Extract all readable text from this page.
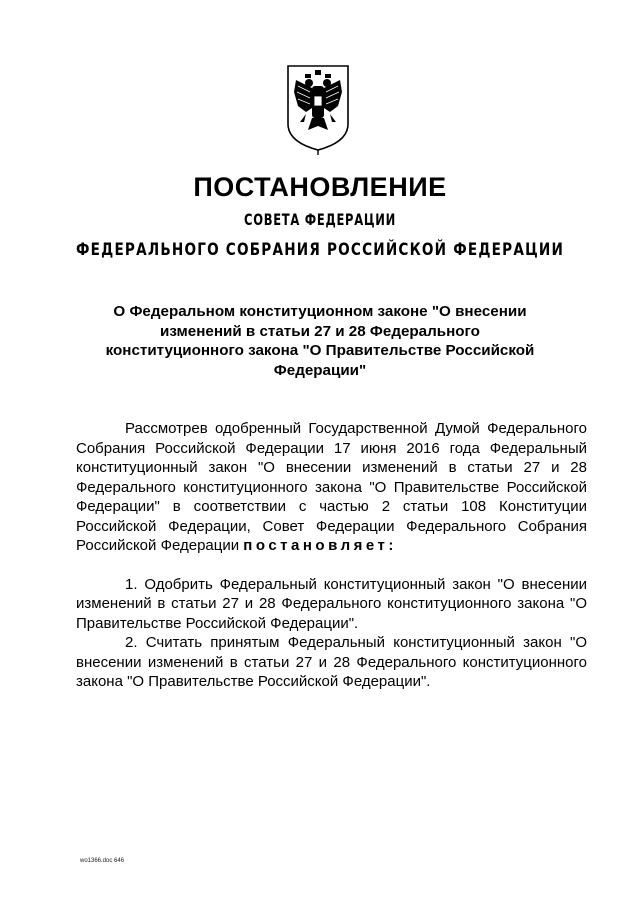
ПОСТАНОВЛЕНИЕ
СОВЕТА ФЕДЕРАЦИИ
ФЕДЕРАЛЬНОГО СОБРАНИЯ РОССИЙСКОЙ ФЕДЕРАЦИИ
О Федеральном конституционном законе "О внесении изменений в статьи 27 и 28 Федерального конституционного закона "О Правительстве Российской Федерации"

Рассмотрев одобренный Государственной Думой Федерального Собрания Российской Федерации 17 июня 2016 года Федеральный конституционный закон "О внесении изменений в статьи 27 и 28 Федерального конституционного закона "О Правительстве Российской Федерации" в соответствии с частью 2 статьи 108 Конституции Российской Федерации, Совет Федерации Федерального Собрания Российской Федерации постановляет:

1. Одобрить Федеральный конституционный закон "О внесении изменений в статьи 27 и 28 Федерального конституционного закона "О Правительстве Российской Федерации".

2. Считать принятым Федеральный конституционный закон "О внесении изменений в статьи 27 и 28 Федерального конституционного закона "О Правительстве Российской Федерации".

wo1366.doc 646
